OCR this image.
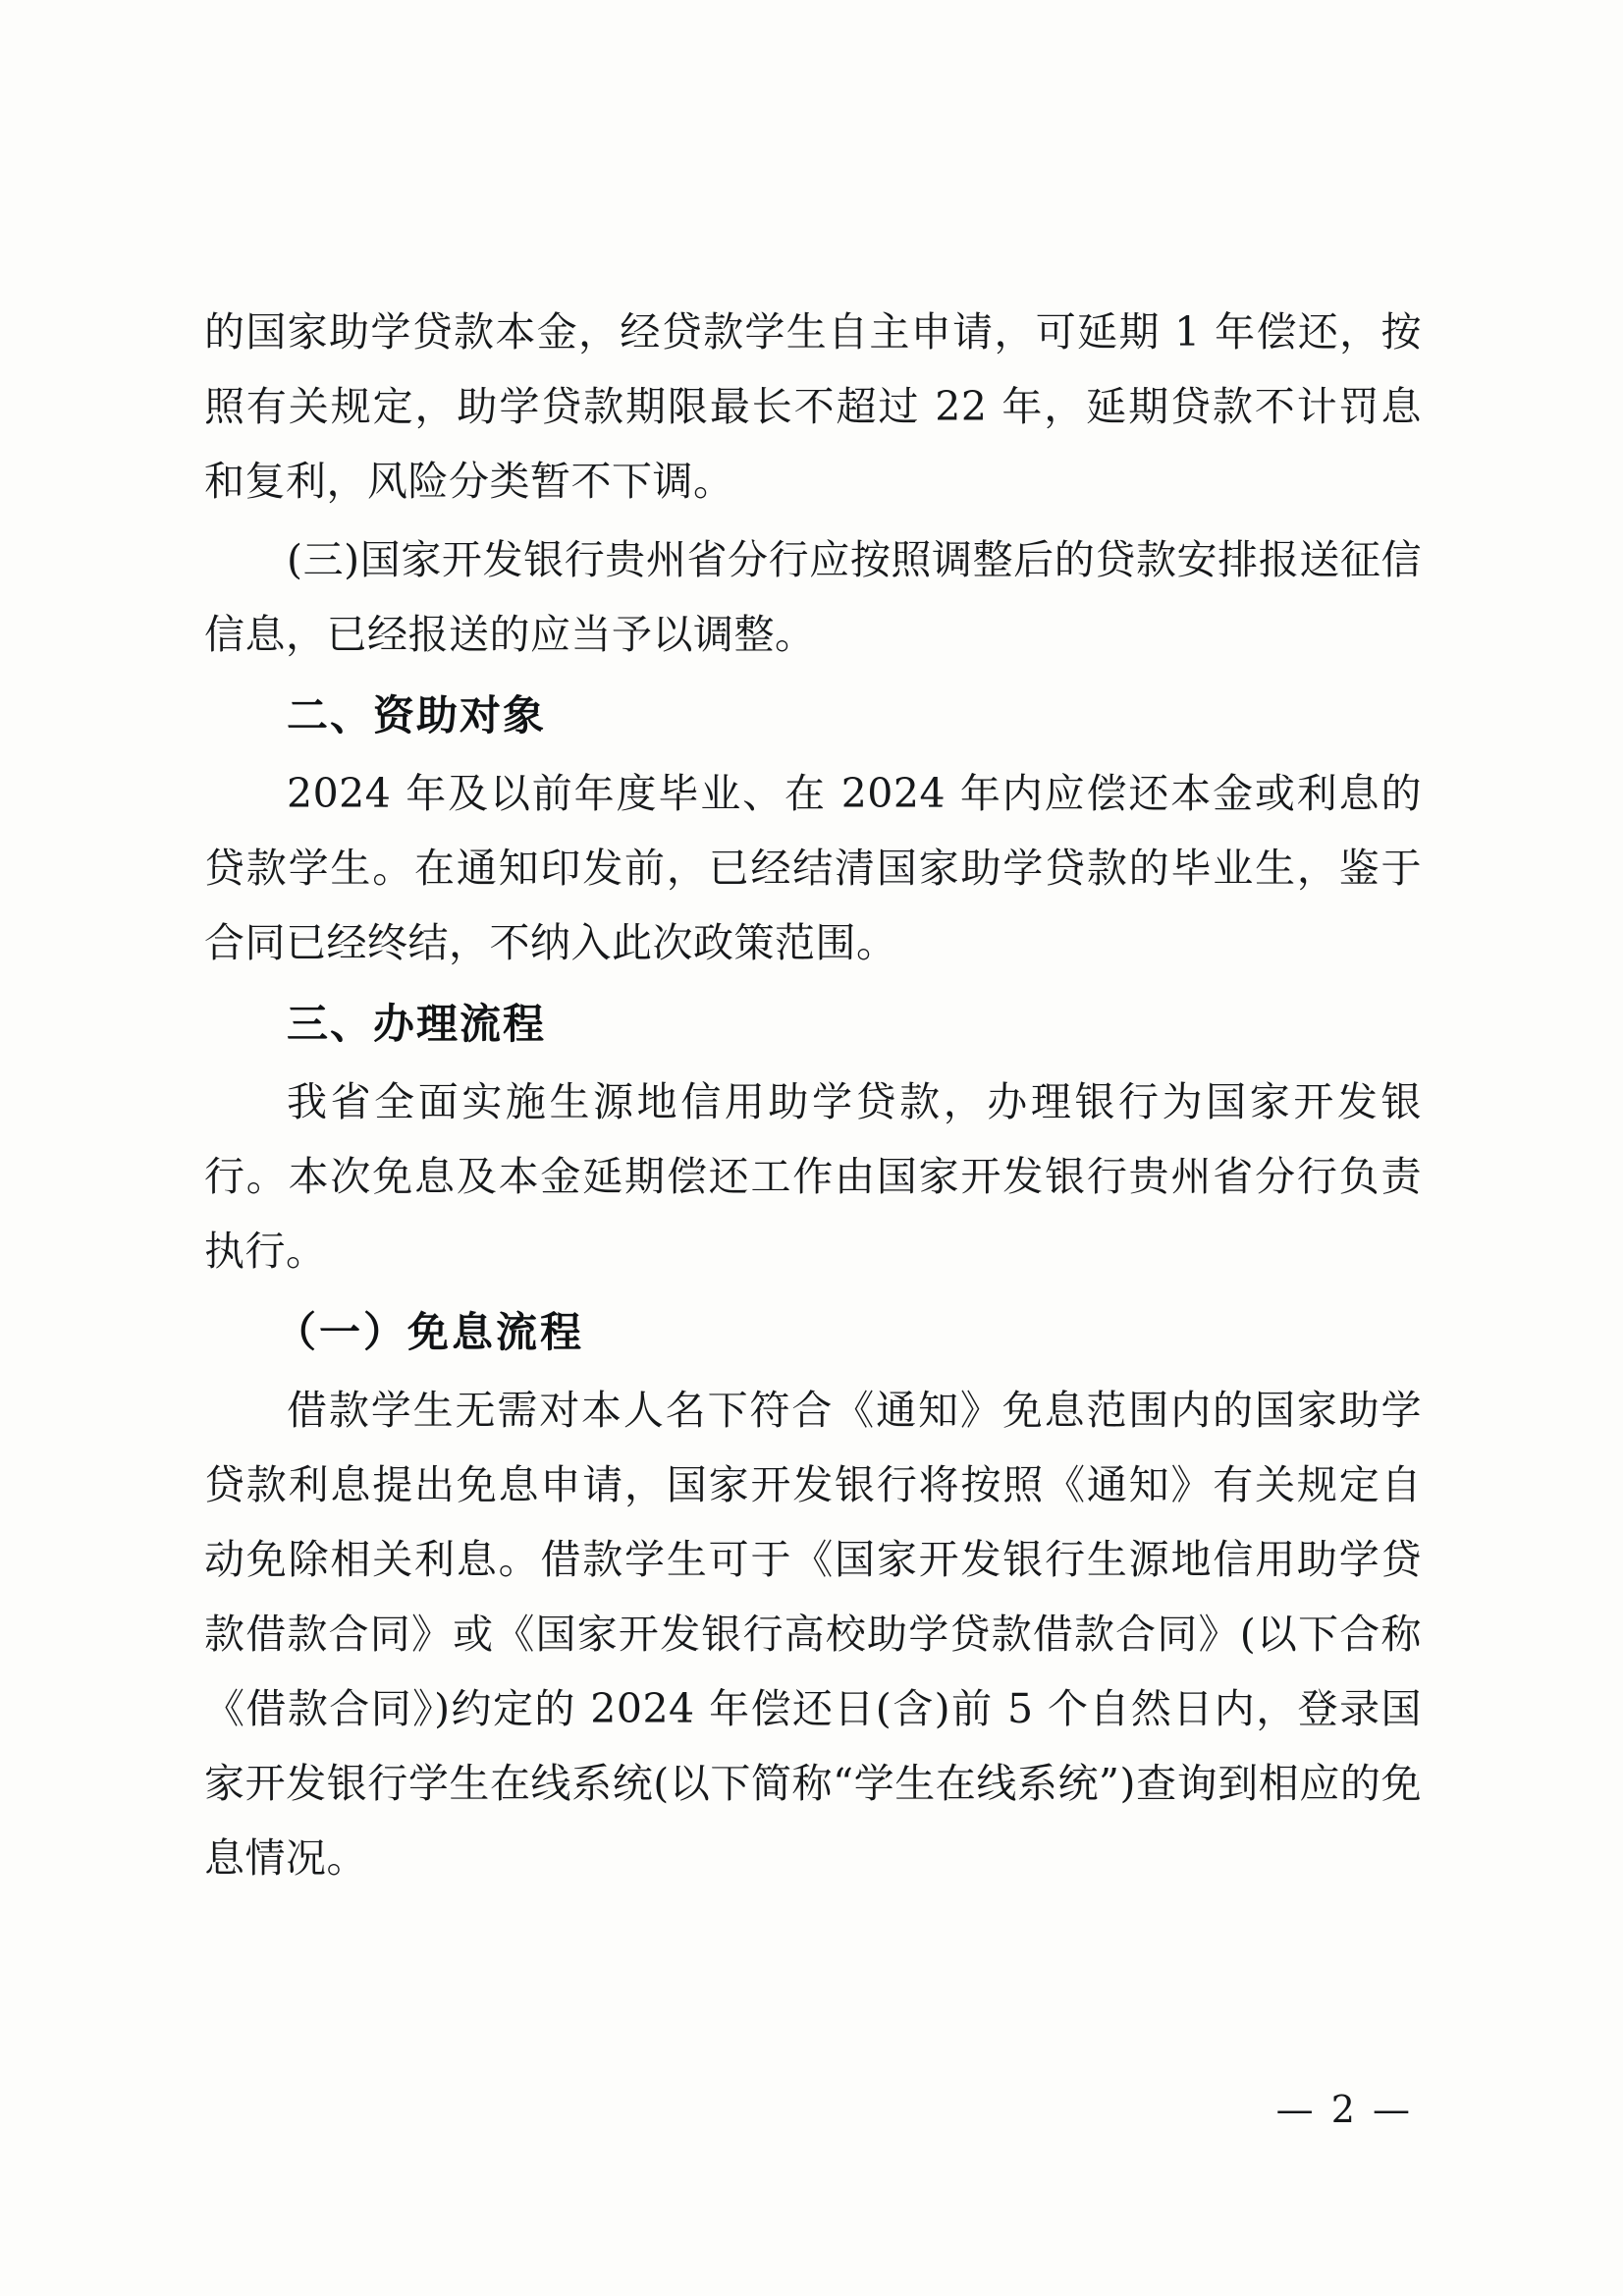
的国家助学贷款本金，经贷款学生自主申请，可延期 1 年偿还，按照有关规定，助学贷款期限最长不超过 22 年，延期贷款不计罚息和复利，风险分类暂不下调。

(三)国家开发银行贵州省分行应按照调整后的贷款安排报送征信信息，已经报送的应当予以调整。

二、资助对象

2024 年及以前年度毕业、在 2024 年内应偿还本金或利息的贷款学生。在通知印发前，已经结清国家助学贷款的毕业生，鉴于合同已经终结，不纳入此次政策范围。

三、办理流程

我省全面实施生源地信用助学贷款，办理银行为国家开发银行。本次免息及本金延期偿还工作由国家开发银行贵州省分行负责执行。

（一）免息流程

借款学生无需对本人名下符合《通知》免息范围内的国家助学贷款利息提出免息申请，国家开发银行将按照《通知》有关规定自动免除相关利息。借款学生可于《国家开发银行生源地信用助学贷款借款合同》或《国家开发银行高校助学贷款借款合同》(以下合称《借款合同》)约定的 2024 年偿还日(含)前 5 个自然日内，登录国家开发银行学生在线系统(以下简称“学生在线系统”)查询到相应的免息情况。

— 2 —
